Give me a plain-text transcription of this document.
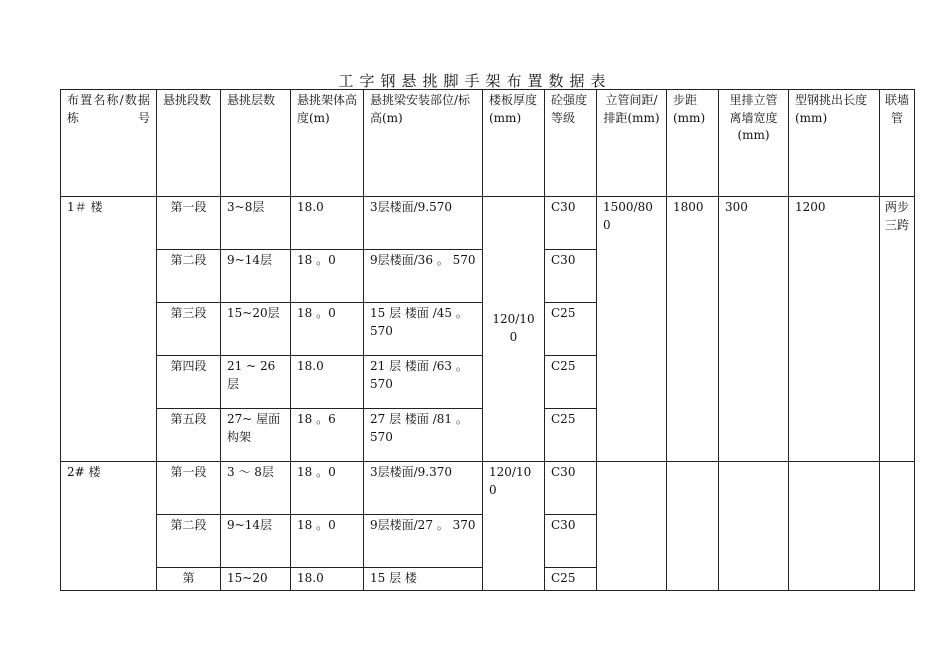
工字钢悬挑脚手架布置数据表
布置名称/数据栋号	悬挑段数	悬挑层数	悬挑架体高度(m)	悬挑梁安装部位/标高(m)	楼板厚度(mm)	砼强度等级	立管间距/排距(mm)	步距(mm)	里排立管离墙宽度(mm)	型钢挑出长度(mm)	联墙管
1＃ 楼	第一段	3~8层	18.0	3层楼面/9.570	120/100	C30	1500/800	1800	300	1200	两步三跨
	第二段	9~14层	18 。0	9层楼面/36 。 570		C30					
	第三段	15~20层	18 。0	15 层 楼面 /45 。 570		C25					
	第四段	21 ~ 26 层	18.0	21 层 楼面 /63 。 570		C25					
	第五段	27~ 屋面构架	18 。6	27 层 楼面 /81 。 570		C25					
2# 楼	第一段	3 ～ 8层	18 。0	3层楼面/9.370	120/100	C30					
	第二段	9~14层	18 。0	9层楼面/27 。 370		C30					
	第	15~20	18.0	15 层 楼		C25					
